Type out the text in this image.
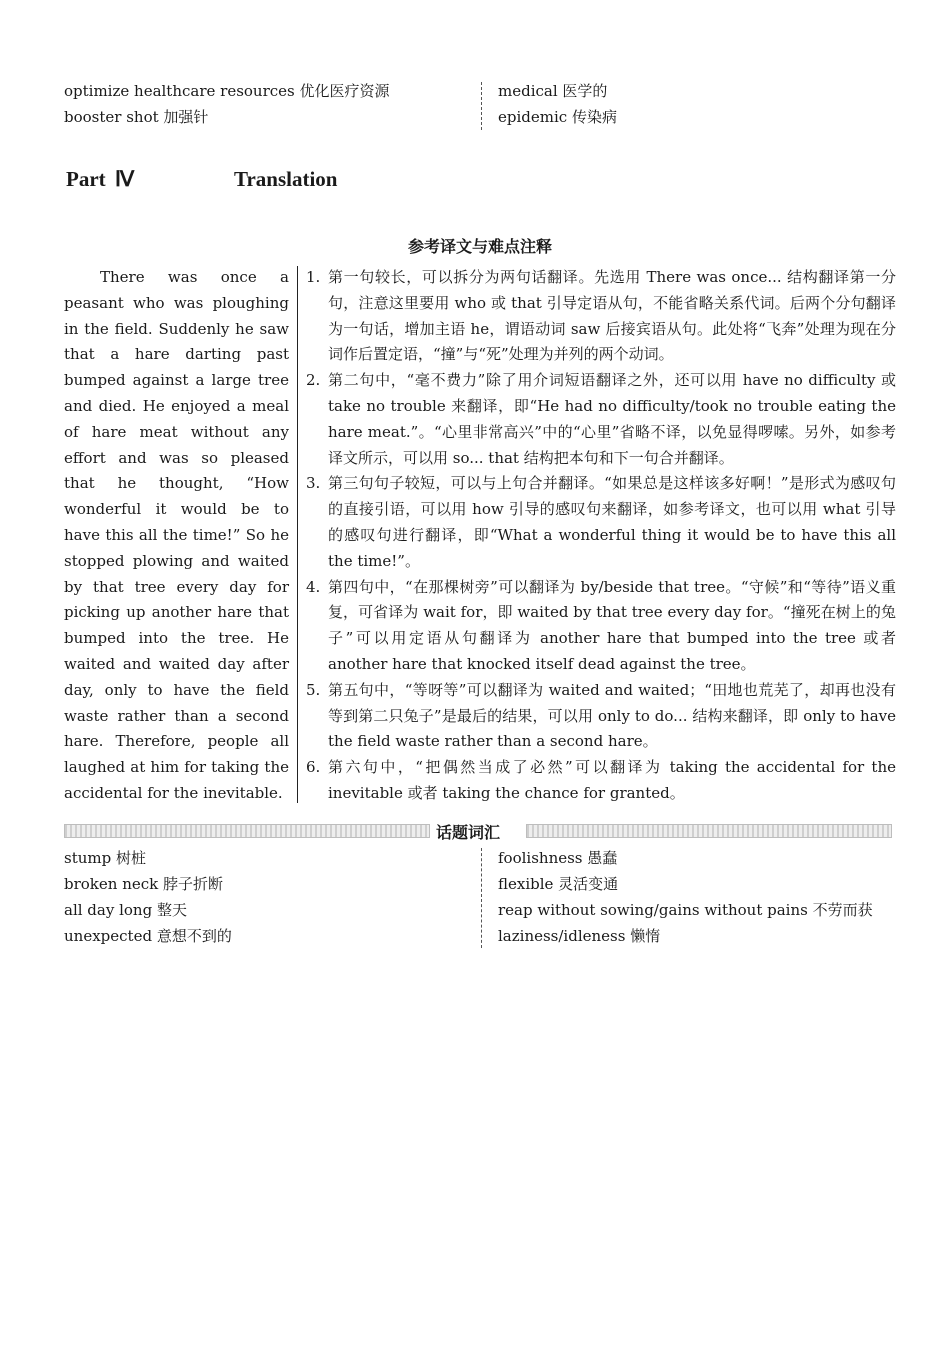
optimize healthcare resources 优化医疗资源
booster shot 加强针
medical 医学的
epidemic 传染病
Part Ⅳ	Translation
参考译文与难点注释
There was once a peasant who was ploughing in the field. Suddenly he saw that a hare darting past bumped against a large tree and died. He enjoyed a meal of hare meat without any effort and was so pleased that he thought, “How wonderful it would be to have this all the time!” So he stopped plowing and waited by that tree every day for picking up another hare that bumped into the tree. He waited and waited day after day, only to have the field waste rather than a second hare. Therefore, people all laughed at him for taking the accidental for the inevitable.
1. 第一句较长，可以拆分为两句话翻译。先选用 There was once... 结构翻译第一分句，注意这里要用 who 或 that 引导定语从句，不能省略关系代词。后两个分句翻译为一句话，增加主语 he，谓语动词 saw 后接宾语从句。此处将“飞奔”处理为现在分词作后置定语，“撞”与“死”处理为并列的两个动词。
2. 第二句中，“毫不费力”除了用介词短语翻译之外，还可以用 have no difficulty 或 take no trouble 来翻译，即“He had no difficulty/took no trouble eating the hare meat.”。“心里非常高兴”中的“心里”省略不译，以免显得啰嗦。另外，如参考译文所示，可以用 so... that 结构把本句和下一句合并翻译。
3. 第三句句子较短，可以与上句合并翻译。“如果总是这样该多好啊！”是形式为感叹句的直接引语，可以用 how 引导的感叹句来翻译，如参考译文，也可以用 what 引导的感叹句进行翻译，即“What a wonderful thing it would be to have this all the time!”。
4. 第四句中，“在那棵树旁”可以翻译为 by/beside that tree。“守候”和“等待”语义重复，可省译为 wait for，即 waited by that tree every day for。“撞死在树上的兔子”可以用定语从句翻译为 another hare that bumped into the tree 或者 another hare that knocked itself dead against the tree。
5. 第五句中，“等呀等”可以翻译为 waited and waited；“田地也荒芜了，却再也没有等到第二只兔子”是最后的结果，可以用 only to do... 结构来翻译，即 only to have the field waste rather than a second hare。
6. 第六句中，“把偶然当成了必然”可以翻译为 taking the accidental for the inevitable 或者 taking the chance for granted。
话题词汇
stump 树桩
broken neck 脖子折断
all day long 整天
unexpected 意想不到的
foolishness 愚蠢
flexible 灵活变通
reap without sowing/gains without pains 不劳而获
laziness/idleness 懒惰
